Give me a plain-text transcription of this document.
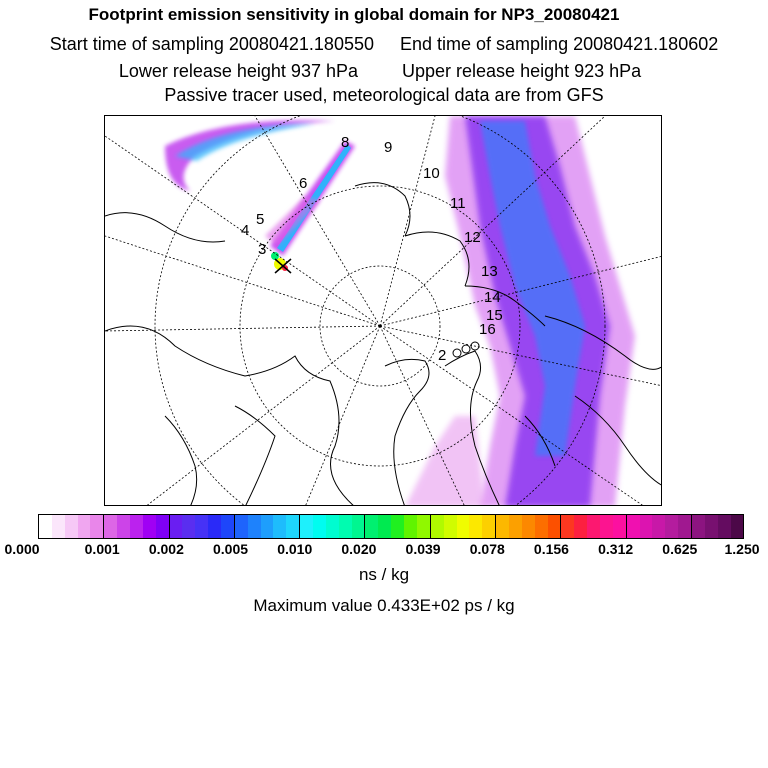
Footprint emission sensitivity in global domain for NP3_20080421
Start time of sampling 20080421.180550 End time of sampling 20080421.180602
Lower release height 937 hPa Upper release height 923 hPa
Passive tracer used, meteorological data are from GFS
2
3
4
5
6
8 9
10
11
12
13
14
15
16
0.000	0.001 0.002 0.005 0.010 0.020 0.039 0.078 0.156 0.312 0.625 1.250
ns / kg
Maximum value 0.433E+02 ps / kg
